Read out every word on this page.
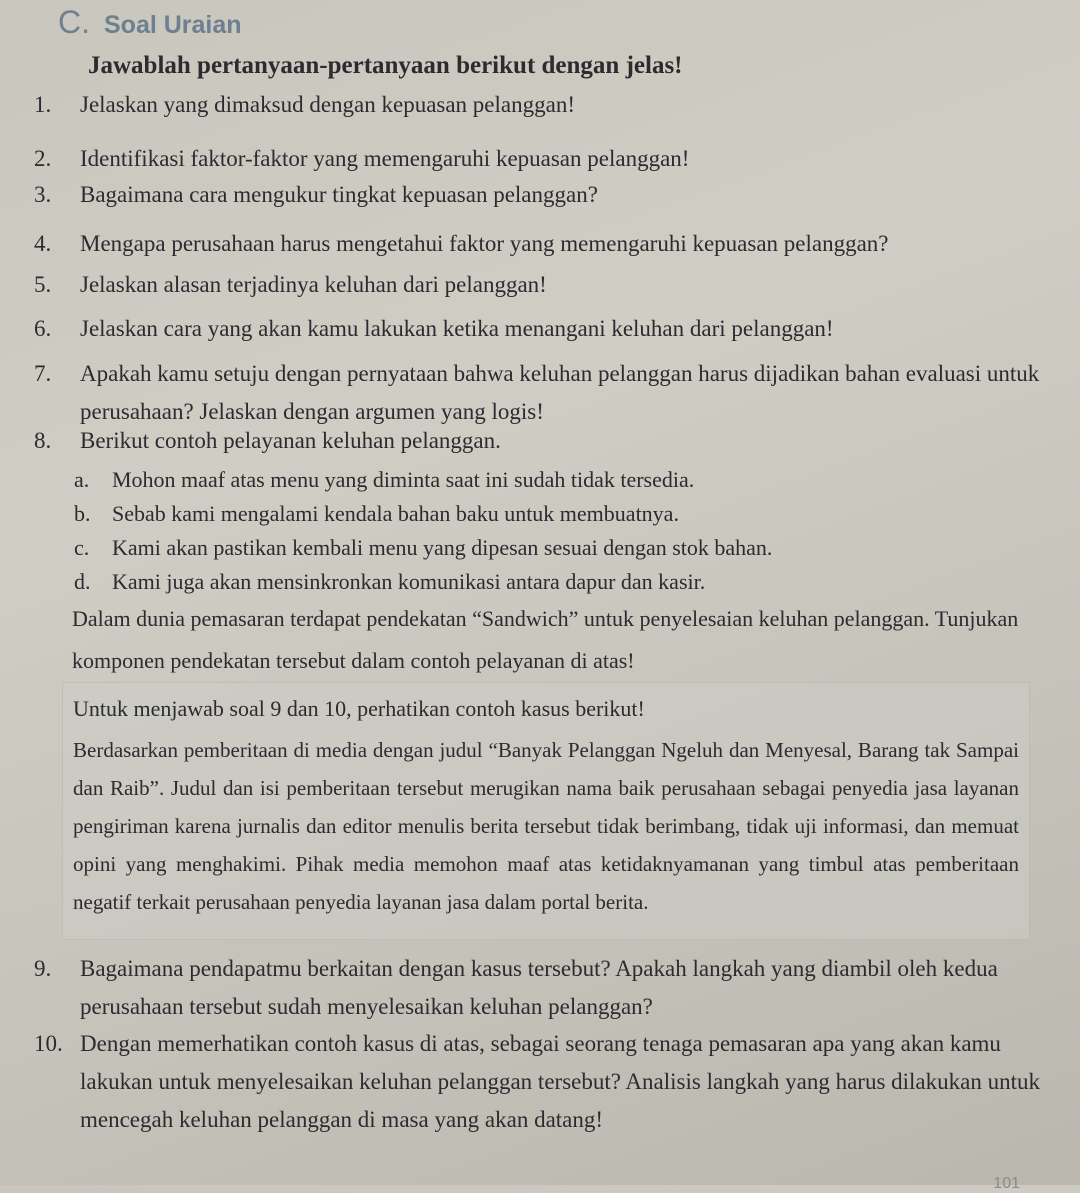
C. Soal Uraian

Jawablah pertanyaan-pertanyaan berikut dengan jelas!

1.	Jelaskan yang dimaksud dengan kepuasan pelanggan!
2.	Identifikasi faktor-faktor yang memengaruhi kepuasan pelanggan!
3.	Bagaimana cara mengukur tingkat kepuasan pelanggan?
4.	Mengapa perusahaan harus mengetahui faktor yang memengaruhi kepuasan pelanggan?
5.	Jelaskan alasan terjadinya keluhan dari pelanggan!
6.	Jelaskan cara yang akan kamu lakukan ketika menangani keluhan dari pelanggan!
7.	Apakah kamu setuju dengan pernyataan bahwa keluhan pelanggan harus dijadikan bahan evaluasi untuk perusahaan? Jelaskan dengan argumen yang logis!
8.	Berikut contoh pelayanan keluhan pelanggan.
a.	Mohon maaf atas menu yang diminta saat ini sudah tidak tersedia.
b. Sebab kami mengalami kendala bahan baku untuk membuatnya.
c.	Kami akan pastikan kembali menu yang dipesan sesuai dengan stok bahan.
d. Kami juga akan mensinkronkan komunikasi antara dapur dan kasir.

Dalam dunia pemasaran terdapat pendekatan “Sandwich” untuk penyelesaian keluhan pelanggan. Tunjukan komponen pendekatan tersebut dalam contoh pelayanan di atas!

Untuk menjawab soal 9 dan 10, perhatikan contoh kasus berikut!

Berdasarkan pemberitaan di media dengan judul “Banyak Pelanggan Ngeluh dan Menyesal, Barang tak Sampai dan Raib”. Judul dan isi pemberitaan tersebut merugikan nama baik perusahaan sebagai penyedia jasa layanan pengiriman karena jurnalis dan editor menulis berita tersebut tidak berimbang, tidak uji informasi, dan memuat opini yang menghakimi. Pihak media memohon maaf atas ketidaknyamanan yang timbul atas pemberitaan negatif terkait perusahaan penyedia layanan jasa dalam portal berita.

9.	Bagaimana pendapatmu berkaitan dengan kasus tersebut? Apakah langkah yang diambil oleh kedua perusahaan tersebut sudah menyelesaikan keluhan pelanggan?
10. Dengan memerhatikan contoh kasus di atas, sebagai seorang tenaga pemasaran apa yang akan kamu lakukan untuk menyelesaikan keluhan pelanggan tersebut? Analisis langkah yang harus dilakukan untuk mencegah keluhan pelanggan di masa yang akan datang!
101
